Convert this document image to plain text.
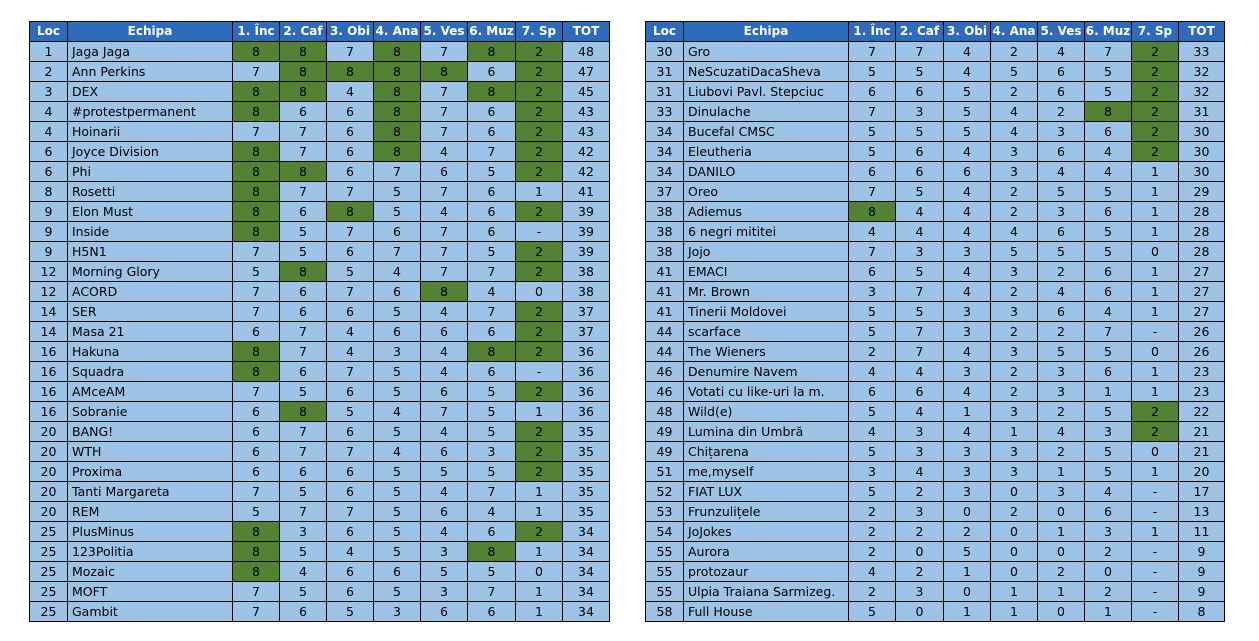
Loc	Echipa	1. Înc	2. Caf	3. Obi	4. Ana	5. Ves	6. Muz	7. Sp	TOT
1	Jaga Jaga	8	8	7	8	7	8	2	48
2	Ann Perkins	7	8	8	8	8	6	2	47
3	DEX	8	8	4	8	7	8	2	45
4	#protestpermanent	8	6	6	8	7	6	2	43
4	Hoinarii	7	7	6	8	7	6	2	43
6	Joyce Division	8	7	6	8	4	7	2	42
6	Phi	8	8	6	7	6	5	2	42
8	Rosetti	8	7	7	5	7	6	1	41
9	Elon Must	8	6	8	5	4	6	2	39
9	Inside	8	5	7	6	7	6	-	39
9	H5N1	7	5	6	7	7	5	2	39
12	Morning Glory	5	8	5	4	7	7	2	38
12	ACORD	7	6	7	6	8	4	0	38
14	SER	7	6	6	5	4	7	2	37
14	Masa 21	6	7	4	6	6	6	2	37
16	Hakuna	8	7	4	3	4	8	2	36
16	Squadra	8	6	7	5	4	6	-	36
16	AMceAM	7	5	6	5	6	5	2	36
16	Sobranie	6	8	5	4	7	5	1	36
20	BANG!	6	7	6	5	4	5	2	35
20	WTH	6	7	7	4	6	3	2	35
20	Proxima	6	6	6	5	5	5	2	35
20	Tanti Margareta	7	5	6	5	4	7	1	35
20	REM	5	7	7	5	6	4	1	35
25	PlusMinus	8	3	6	5	4	6	2	34
25	123Politia	8	5	4	5	3	8	1	34
25	Mozaic	8	4	6	6	5	5	0	34
25	MOFT	7	5	6	5	3	7	1	34
25	Gambit	7	6	5	3	6	6	1	34
Loc	Echipa	1. Înc	2. Caf	3. Obi	4. Ana	5. Ves	6. Muz	7. Sp	TOT
30	Gro	7	7	4	2	4	7	2	33
31	NeScuzatiDacaSheva	5	5	4	5	6	5	2	32
31	Liubovi Pavl. Stepciuc	6	6	5	2	6	5	2	32
33	Dinulache	7	3	5	4	2	8	2	31
34	Bucefal CMSC	5	5	5	4	3	6	2	30
34	Eleutheria	5	6	4	3	6	4	2	30
34	DANILO	6	6	6	3	4	4	1	30
37	Oreo	7	5	4	2	5	5	1	29
38	Adiemus	8	4	4	2	3	6	1	28
38	6 negri mititei	4	4	4	4	6	5	1	28
38	Jojo	7	3	3	5	5	5	0	28
41	EMACI	6	5	4	3	2	6	1	27
41	Mr. Brown	3	7	4	2	4	6	1	27
41	Tinerii Moldovei	5	5	3	3	6	4	1	27
44	scarface	5	7	3	2	2	7	-	26
44	The Wieners	2	7	4	3	5	5	0	26
46	Denumire Navem	4	4	3	2	3	6	1	23
46	Votati cu like-uri la m.	6	6	4	2	3	1	1	23
48	Wild(e)	5	4	1	3	2	5	2	22
49	Lumina din Umbră	4	3	4	1	4	3	2	21
49	Chițarena	5	3	3	3	2	5	0	21
51	me,myself	3	4	3	3	1	5	1	20
52	FIAT LUX	5	2	3	0	3	4	-	17
53	Frunzulițele	2	3	0	2	0	6	-	13
54	JoJokes	2	2	2	0	1	3	1	11
55	Aurora	2	0	5	0	0	2	-	9
55	protozaur	4	2	1	0	2	0	-	9
55	Ulpia Traiana Sarmizeg.	2	3	0	1	1	2	-	9
58	Full House	5	0	1	1	0	1	-	8
